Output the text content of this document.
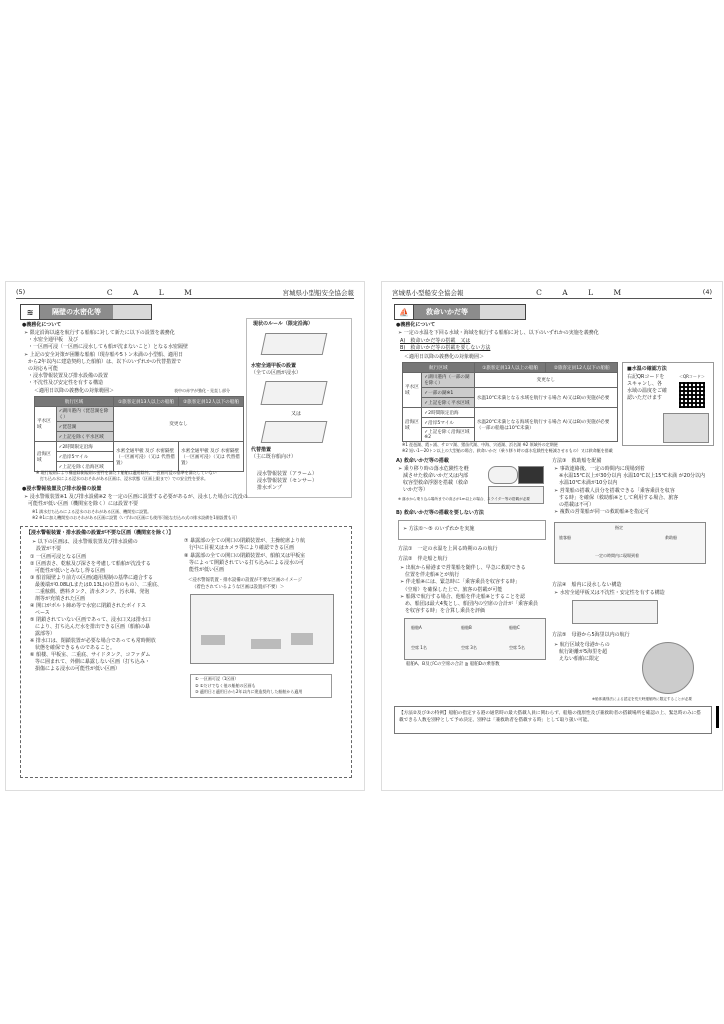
(5)	C A L M	宮城県小型船安全協会報
≋	隔壁の水密化等
●義務化について
➢ 限定沿海以遠を航行する船舶に対して新たに以下の設置を義務化
・水密全通甲板　及び
・一区画可浸（一区画に浸水しても船が沈まないこと）となる水密隔壁
➢ 上記の安全対策が困難な船舶（現存船や5トン未満の小型船、適用日
から2年以内に建造契約した船舶）は、以下のいずれかの代替措置で
の対応も可能
・浸水警報装置及び排水設備の設置
・不沈性及び安定性を有する構造
現状のルール（限定沿海）
水密全通甲板の設置
（全ての区画が浸水）
又は
代替措置
（主に既存船向け）
浸水警報装置（アラーム）
浸水警報装置（センサー）
排水ポンプ
＜適用日以降の義務化の対象範囲＞	表中の赤字が強化・見直し部分
航行区域		①旅客定員13人以上の船舶	②旅客定員12人以下の船舶
平水区域	✓湖川港内（琵琶湖を除く）	変更なし	
	✓琵琶湖		
	✓上記を除く平水区域		
沿海区域	✓2時間限定沿海	水密全通甲板 及び 水密隔壁（一区画可浸）（又は 代替措置）	水密全通甲板 及び 水密隔壁（一区画可浸）（又は 代替措置）
	✓沿岸5マイル		
	✓上記を除く沿海区域		
※ 現行規則により構造除側規則の要件を満たす船舶は適用除外。一区画可浸の基準を満たしていない
　打ち込み水による浸水のおそれがある区画は、浸水状態（区画上限まで）での安全性を要求。
●浸水警報装置及び排水設備の設置
➢ 浸水警報装置※1 及び排水設備※2 を一定の区画に設置する必要があるが、浸水した場合に沈没の
可能性が低い区画（機関室を除く）には設置不要
※1 満水打ち込みによる浸水のおそれがある区画、機関室に設置。
※2 ※1に加え機関室のおそれがある区画に設置（いずれの区画にも使用可能な打込み式の排水設備を1個設置も可）
【浸水警報装置・排水設備の設置が不要な区画（機関室を除く）】
➢ 以下の区画は、浸水警報装置及び排水設備の
設置が不要
① 一区画可浸となる区画
② 区画表さ、乾舷及び深さを考慮して船舶が沈没する
　可能性が低いとみなし得る区画
③ 船首隔壁より前方の区画(適用規制の基準に適合する
　最後端が0.08L(Lまたは0.13L)の位置のもの）、二重底、
　二重舷側、燃料タンク、清水タンク、汚水庫、発泡
　剤等が充填された区画
④ 開口がボルト締め等で水密に閉鎖されたボイドス
　ペース
⑤ 閉鎖されていない区画であって、浸水口又は排水口
　により、打ち込んだ水を排出できる区画（船舶の暴
　露部等）
※ 排水口は、閉鎖装置が必要な場合であっても常時開放
　状態を確保できるものであること。
⑥ 船楼、甲板室、二重底、サイドタンク、コファダム
　等に囲まれて、外側に暴露しない区画（打ち込み・
　損傷による浸水の可能性が低い区画）
⑦ 暴露部の全ての開口の閉鎖装置が、主操舵席より航
　行中に目視又はカメラ等により確認できる区画
⑧ 暴露部の全ての開口の閉鎖装置が、船舶又は甲板室
　等によって開鎖されている打ち込みによる浸水の可
　能性が低い区画
＜浸水警報装置・排水設備の設置が不要な区画のイメージ
（着色されているような区画は設置が不要）＞
① 一区画可浸（1区画）
② ①だけでなく他の船舶の区画も
③ 適用日と適用日から2年以内に建造契約した船舶から適用
宮城県小型船安全協会報	C A L M	(4)
⛵	救命いかだ等
●義務化について
➢ 一定の水温を下回る水域・海域を航行する船舶に対し、以下のいずれかの実施を義務化
A)　救命いかだ等の搭載　又は
B)　救命いかだ等の搭載を要しない方法
＜適用日以降の義務化の対象範囲＞
航行区域		①旅客定員13人以上の船舶	②旅客定員12人以下の船舶
平水区域	✓湖川港内（一部の湖を除く）	変更なし	
	✓一部の湖※1	水温10℃未満となる水域を航行する場合 A)又はB)の実施が必要	
	✓上記を除く平水区域		
沿海区域	✓2時間限定沿海	水温20℃未満となる海域を航行する場合 A)又はB)の実施が必要（一部の船舶は10℃未満）	
	✓沿岸5マイル		
	✓上記を除く沿海区域※2		
※1 琵琶湖、霞ヶ浦、サロマ湖、猪苗代湖、中海、宍道湖、浜名湖 ※2 領域外の定期便
※2 短い1～20トン以上の大型船の場合、救命いかだ（乗り移り時の落水危険性を軽減させるもの）又は救命艇を搭載
■水温の確認方法
右記QRコードを
スキャンし、各
水域の温度をご確
認いただけます
＜QRコード＞
A) 救命いかだ等の搭載
➢ 乗り移り時の落水危険性を軽
　減させた救命いかだ又は内部
　収容型救命浮器を搭載（救命
　いかだ等）
※ 落水から乗り込み場所までの高さが1m以上の場合、スライダー等の搭載が必要
B) 救命いかだ等の搭載を要しない方法
➢ 方法①～⑤ のいずれかを実施
方法①　一定の水温を上回る時期のみの航行
方法②　伴走船と航行
➢ 出航から帰港まで営業船を随伴し、早急に救助できる
　位置を伴走船※とが航行
➢ 伴走船※には、緊急時に「乗客乗員を収容する時」
　（空席）を確保した上で、旅客の搭載が可能
➢ 船隊で航行する場合、他船を伴走船※とすることを認
　め、船団は最大4隻とし、船団内の空席の合計が「乗客乗員
　を収容する時」を合算し乗員を評価
船舶A	船舶B	船舶C
空席 1名	空席 3名	空席 5名
船舶A、B及びCの空席の合計 ≧ 船舶Dの乗客数
方法③　救助船を配備
➢ 事故連絡後、一定の時間内に現場到着
　※水温15℃以上が30分以内 水温10℃以上15℃未満 が20分以内
　水温10℃未満が10分以内
➢ 営業船の搭載人員分を搭載できる「乗客乗員を収容
　する時」を確保（救助船※として利用する場合、旅客
　の搭載は不可）
➢ 複数の営業船が同一の救助船※を指定可
指定
旅客船	救助船
一定の時間内に現場到着
方法④　船内に浸水しない構造
➢ 水密全通甲板又は不沈性・安定性を有する構造
方法⑤　母港から5海里以内の航行
➢ 航行区域を母港からの
　航行距離が5海里を超
　えない船舶に限定
※船体識別法による認定を荒天時運航時に限定することが必要
【方法②及び③の特例】船舶の指定する港の通常時の最大搭載人員に関わらず、船舶の復原性及び兼救助者の搭載場所を確認の上、緊急時のみに搭載できる人数を別枠として予め決定、別枠は「兼救助者を搭載する時」として取り扱い可能。
